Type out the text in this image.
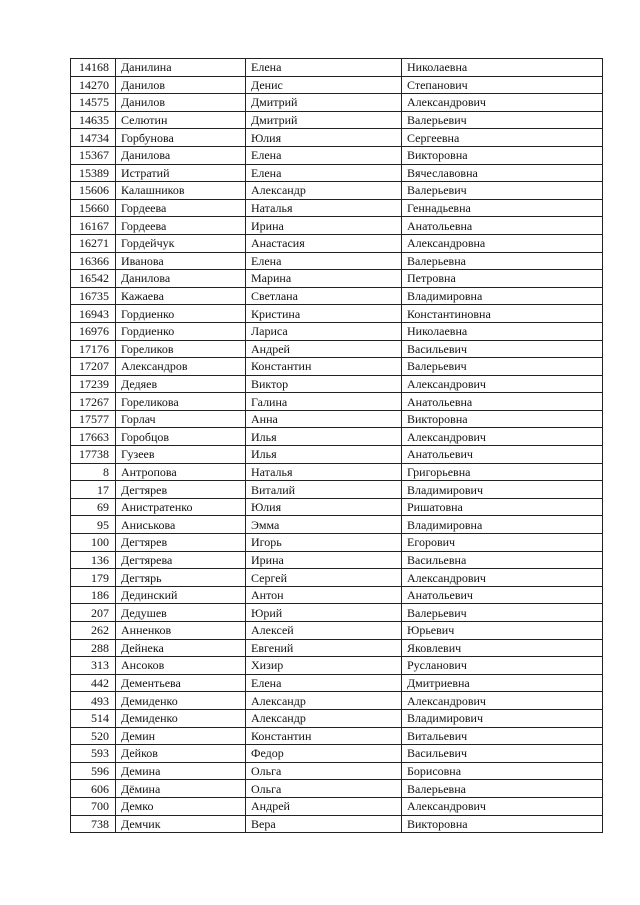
14168	Данилина	Елена	Николаевна
14270	Данилов	Денис	Степанович
14575	Данилов	Дмитрий	Александрович
14635	Селютин	Дмитрий	Валерьевич
14734	Горбунова	Юлия	Сергеевна
15367	Данилова	Елена	Викторовна
15389	Истратий	Елена	Вячеславовна
15606	Калашников	Александр	Валерьевич
15660	Гордеева	Наталья	Геннадьевна
16167	Гордеева	Ирина	Анатольевна
16271	Гордейчук	Анастасия	Александровна
16366	Иванова	Елена	Валерьевна
16542	Данилова	Марина	Петровна
16735	Кажаева	Светлана	Владимировна
16943	Гордиенко	Кристина	Константиновна
16976	Гордиенко	Лариса	Николаевна
17176	Гореликов	Андрей	Васильевич
17207	Александров	Константин	Валерьевич
17239	Дедяев	Виктор	Александрович
17267	Гореликова	Галина	Анатольевна
17577	Горлач	Анна	Викторовна
17663	Горобцов	Илья	Александрович
17738	Гузеев	Илья	Анатольевич
8	Антропова	Наталья	Григорьевна
17	Дегтярев	Виталий	Владимирович
69	Анистратенко	Юлия	Ришатовна
95	Аниськова	Эмма	Владимировна
100	Дегтярев	Игорь	Егорович
136	Дегтярева	Ирина	Васильевна
179	Дегтярь	Сергей	Александрович
186	Дединский	Антон	Анатольевич
207	Дедушев	Юрий	Валерьевич
262	Анненков	Алексей	Юрьевич
288	Дейнека	Евгений	Яковлевич
313	Ансоков	Хизир	Русланович
442	Дементьева	Елена	Дмитриевна
493	Демиденко	Александр	Александрович
514	Демиденко	Александр	Владимирович
520	Демин	Константин	Витальевич
593	Дейков	Федор	Васильевич
596	Демина	Ольга	Борисовна
606	Дёмина	Ольга	Валерьевна
700	Демко	Андрей	Александрович
738	Демчик	Вера	Викторовна
